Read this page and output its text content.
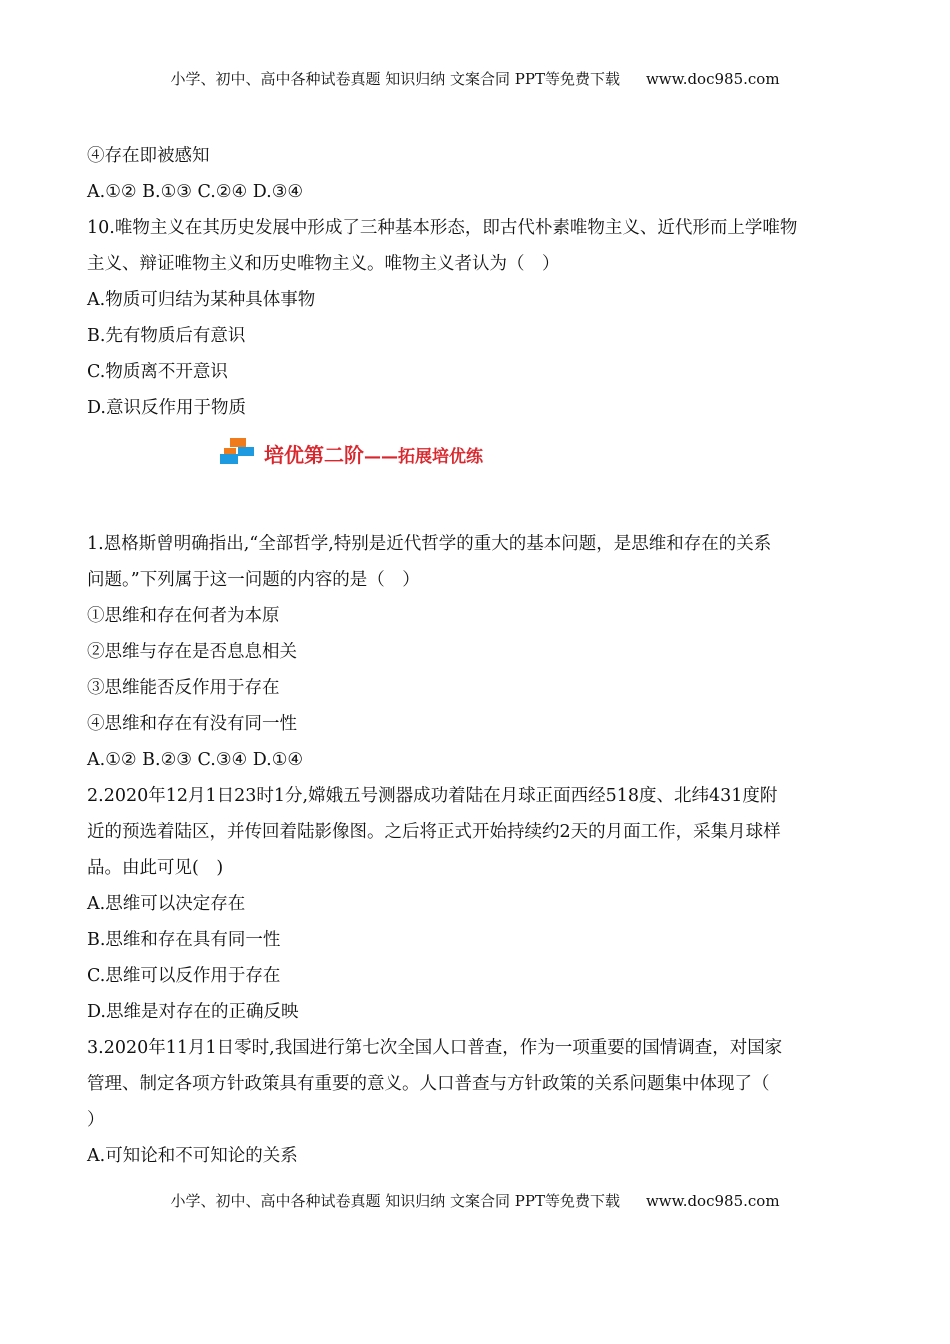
小学、初中、高中各种试卷真题 知识归纳 文案合同 PPT等免费下载 www.doc985.com
④存在即被感知
A.①② B.①③ C.②④ D.③④
10.唯物主义在其历史发展中形成了三种基本形态，即古代朴素唯物主义、近代形而上学唯物
主义、辩证唯物主义和历史唯物主义。唯物主义者认为（　）
A.物质可归结为某种具体事物
B.先有物质后有意识
C.物质离不开意识
D.意识反作用于物质
培优第二阶——拓展培优练
1.恩格斯曾明确指出,“全部哲学,特别是近代哲学的重大的基本问题，是思维和存在的关系
问题。”下列属于这一问题的内容的是（　）
①思维和存在何者为本原
②思维与存在是否息息相关
③思维能否反作用于存在
④思维和存在有没有同一性
A.①② B.②③ C.③④ D.①④
2.2020年12月1日23时1分,嫦娥五号测器成功着陆在月球正面西经518度、北纬431度附
近的预选着陆区，并传回着陆影像图。之后将正式开始持续约2天的月面工作，采集月球样
品。由此可见(　)
A.思维可以决定存在
B.思维和存在具有同一性
C.思维可以反作用于存在
D.思维是对存在的正确反映
3.2020年11月1日零时,我国进行第七次全国人口普查，作为一项重要的国情调查，对国家
管理、制定各项方针政策具有重要的意义。人口普查与方针政策的关系问题集中体现了（
）
A.可知论和不可知论的关系
小学、初中、高中各种试卷真题 知识归纳 文案合同 PPT等免费下载 www.doc985.com
